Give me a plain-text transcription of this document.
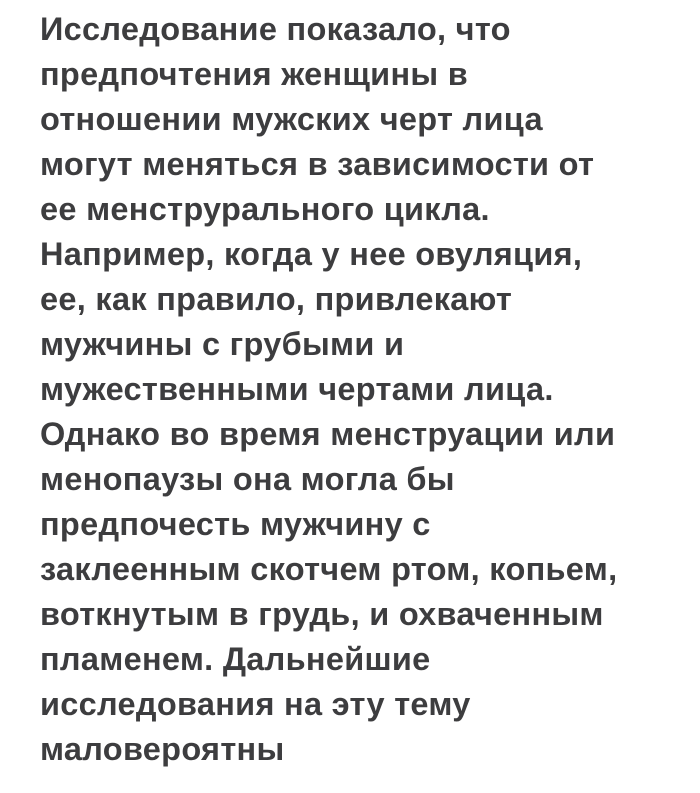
Исследование показало, что
предпочтения женщины в
отношении мужских черт лица
могут меняться в зависимости от
ее менструрального цикла.
Например, когда у нее овуляция,
ее, как правило, привлекают
мужчины с грубыми и
мужественными чертами лица.
Однако во время менструации или
менопаузы она могла бы
предпочесть мужчину с
заклеенным скотчем ртом, копьем,
воткнутым в грудь, и охваченным
пламенем. Дальнейшие
исследования на эту тему
маловероятны
